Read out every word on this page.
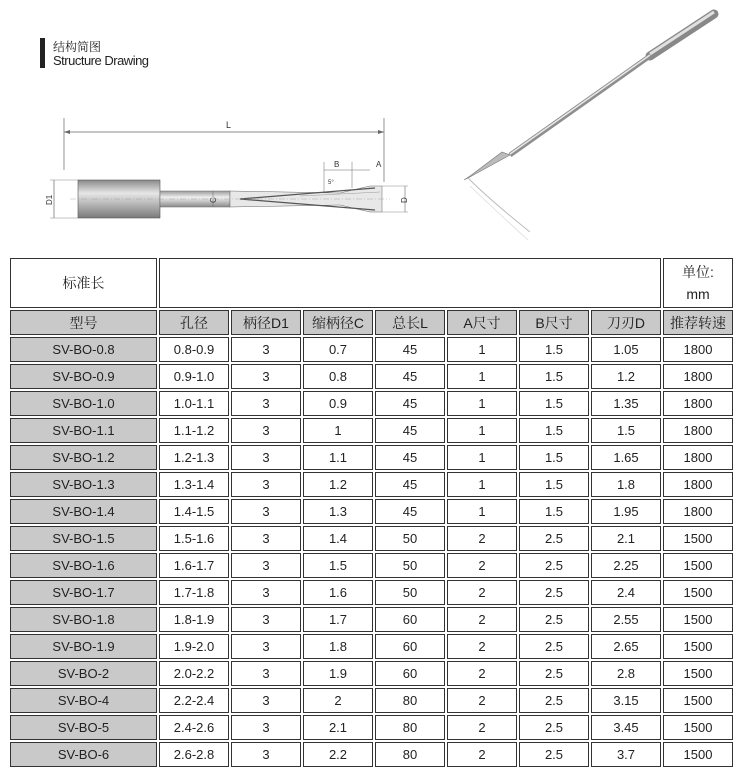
结构简图
Structure Drawing
L
D1	C
B	A
5°
D
标准长								单位:
mm

型号	孔径	柄径D1	缩柄径C	总长L	A尺寸	B尺寸	刀刃D	推荐转速
SV-BO-0.8	0.8-0.9	3	0.7	45	1	1.5	1.05	1800
SV-BO-0.9	0.9-1.0	3	0.8	45	1	1.5	1.2	1800
SV-BO-1.0	1.0-1.1	3	0.9	45	1	1.5	1.35	1800
SV-BO-1.1	1.1-1.2	3	1	45	1	1.5	1.5	1800
SV-BO-1.2	1.2-1.3	3	1.1	45	1	1.5	1.65	1800
SV-BO-1.3	1.3-1.4	3	1.2	45	1	1.5	1.8	1800
SV-BO-1.4	1.4-1.5	3	1.3	45	1	1.5	1.95	1800
SV-BO-1.5	1.5-1.6	3	1.4	50	2	2.5	2.1	1500
SV-BO-1.6	1.6-1.7	3	1.5	50	2	2.5	2.25	1500
SV-BO-1.7	1.7-1.8	3	1.6	50	2	2.5	2.4	1500
SV-BO-1.8	1.8-1.9	3	1.7	60	2	2.5	2.55	1500
SV-BO-1.9	1.9-2.0	3	1.8	60	2	2.5	2.65	1500
SV-BO-2	2.0-2.2	3	1.9	60	2	2.5	2.8	1500
SV-BO-4	2.2-2.4	3	2	80	2	2.5	3.15	1500
SV-BO-5	2.4-2.6	3	2.1	80	2	2.5	3.45	1500
SV-BO-6	2.6-2.8	3	2.2	80	2	2.5	3.7	1500
